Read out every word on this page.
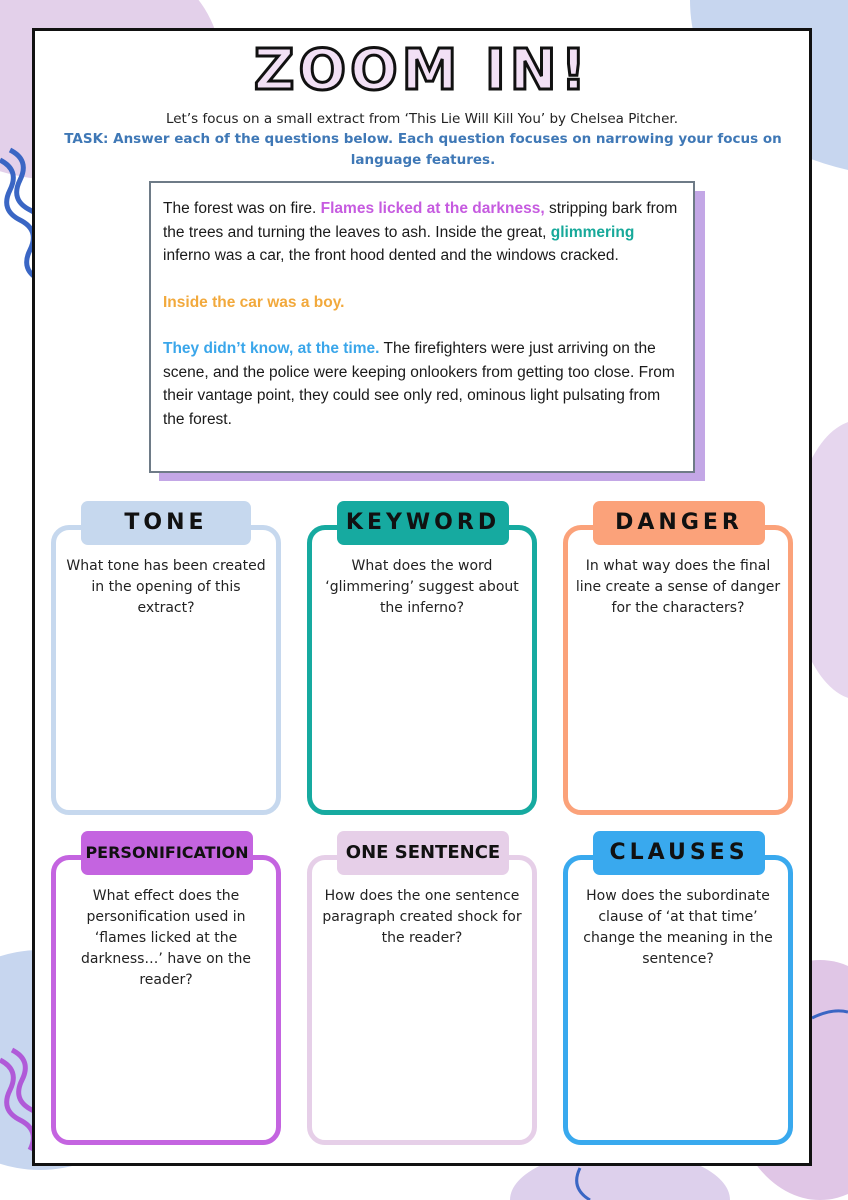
ZOOM IN!
Let’s focus on a small extract from ‘This Lie Will Kill You’ by Chelsea Pitcher.
TASK: Answer each of the questions below. Each question focuses on narrowing your focus on language features.

The forest was on fire. Flames licked at the darkness, stripping bark from the trees and turning the leaves to ash. Inside the great, glimmering inferno was a car, the front hood dented and the windows cracked.

Inside the car was a boy.

They didn’t know, at the time. The firefighters were just arriving on the scene, and the police were keeping onlookers from getting too close. From their vantage point, they could see only red, ominous light pulsating from the forest.

What tone has been created in the opening of this extract?
TONE
What does the word ‘glimmering’ suggest about the inferno?
KEYWORD
In what way does the final line create a sense of danger for the characters?
DANGER
What effect does the personification used in ‘flames licked at the darkness…’ have on the reader?
PERSONIFICATION
How does the one sentence paragraph created shock for the reader?
ONE SENTENCE
How does the subordinate clause of ‘at that time’ change the meaning in the sentence?
CLAUSES
